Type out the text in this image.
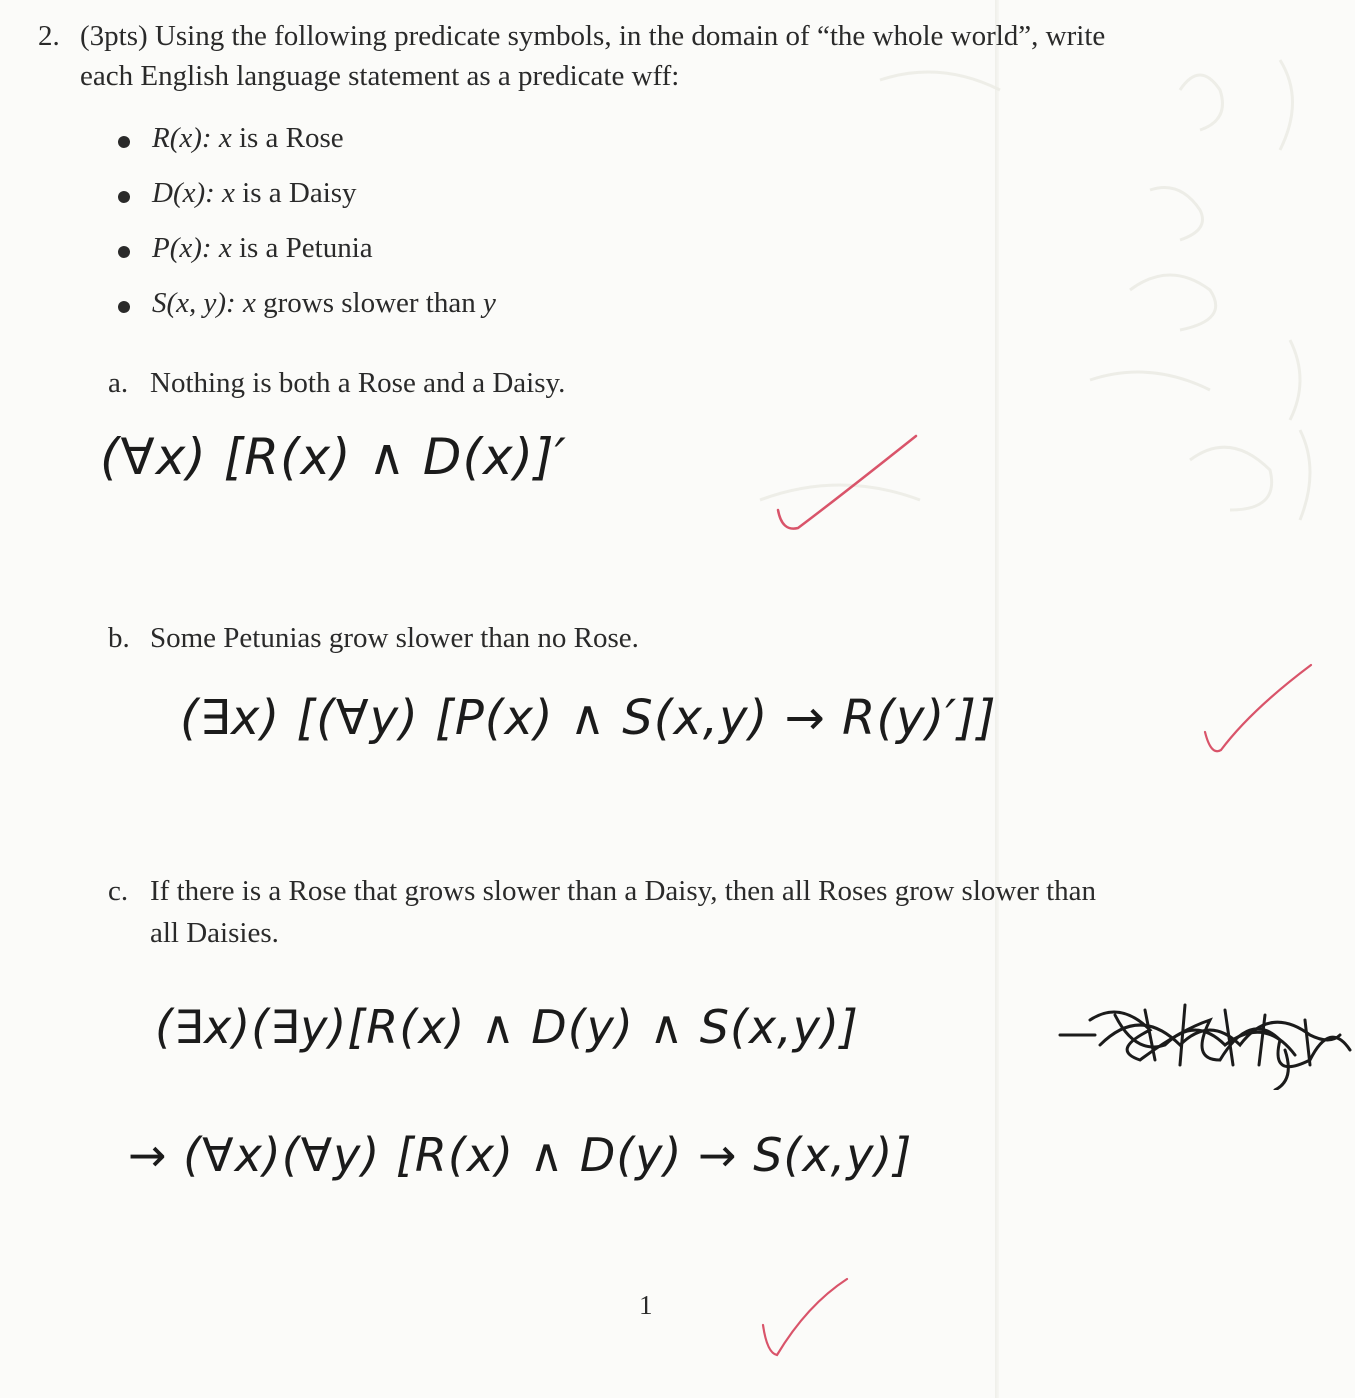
2. (3pts) Using the following predicate symbols, in the domain of “the whole world”, write
each English language statement as a predicate wff:
R(x): x is a Rose
D(x): x is a Daisy
P(x): x is a Petunia
S(x, y): x grows slower than y
a. Nothing is both a Rose and a Daisy.
(∀x) [R(x) ∧ D(x)]′
b. Some Petunias grow slower than no Rose.
(∃x) [(∀y) [P(x) ∧ S(x,y) → R(y)′]]
c. If there is a Rose that grows slower than a Daisy, then all Roses grow slower than
all Daisies.
(∃x)(∃y)[R(x) ∧ D(y) ∧ S(x,y)]
→ (∀x)(∀y) [R(x) ∧ D(y) → S(x,y)]
1
